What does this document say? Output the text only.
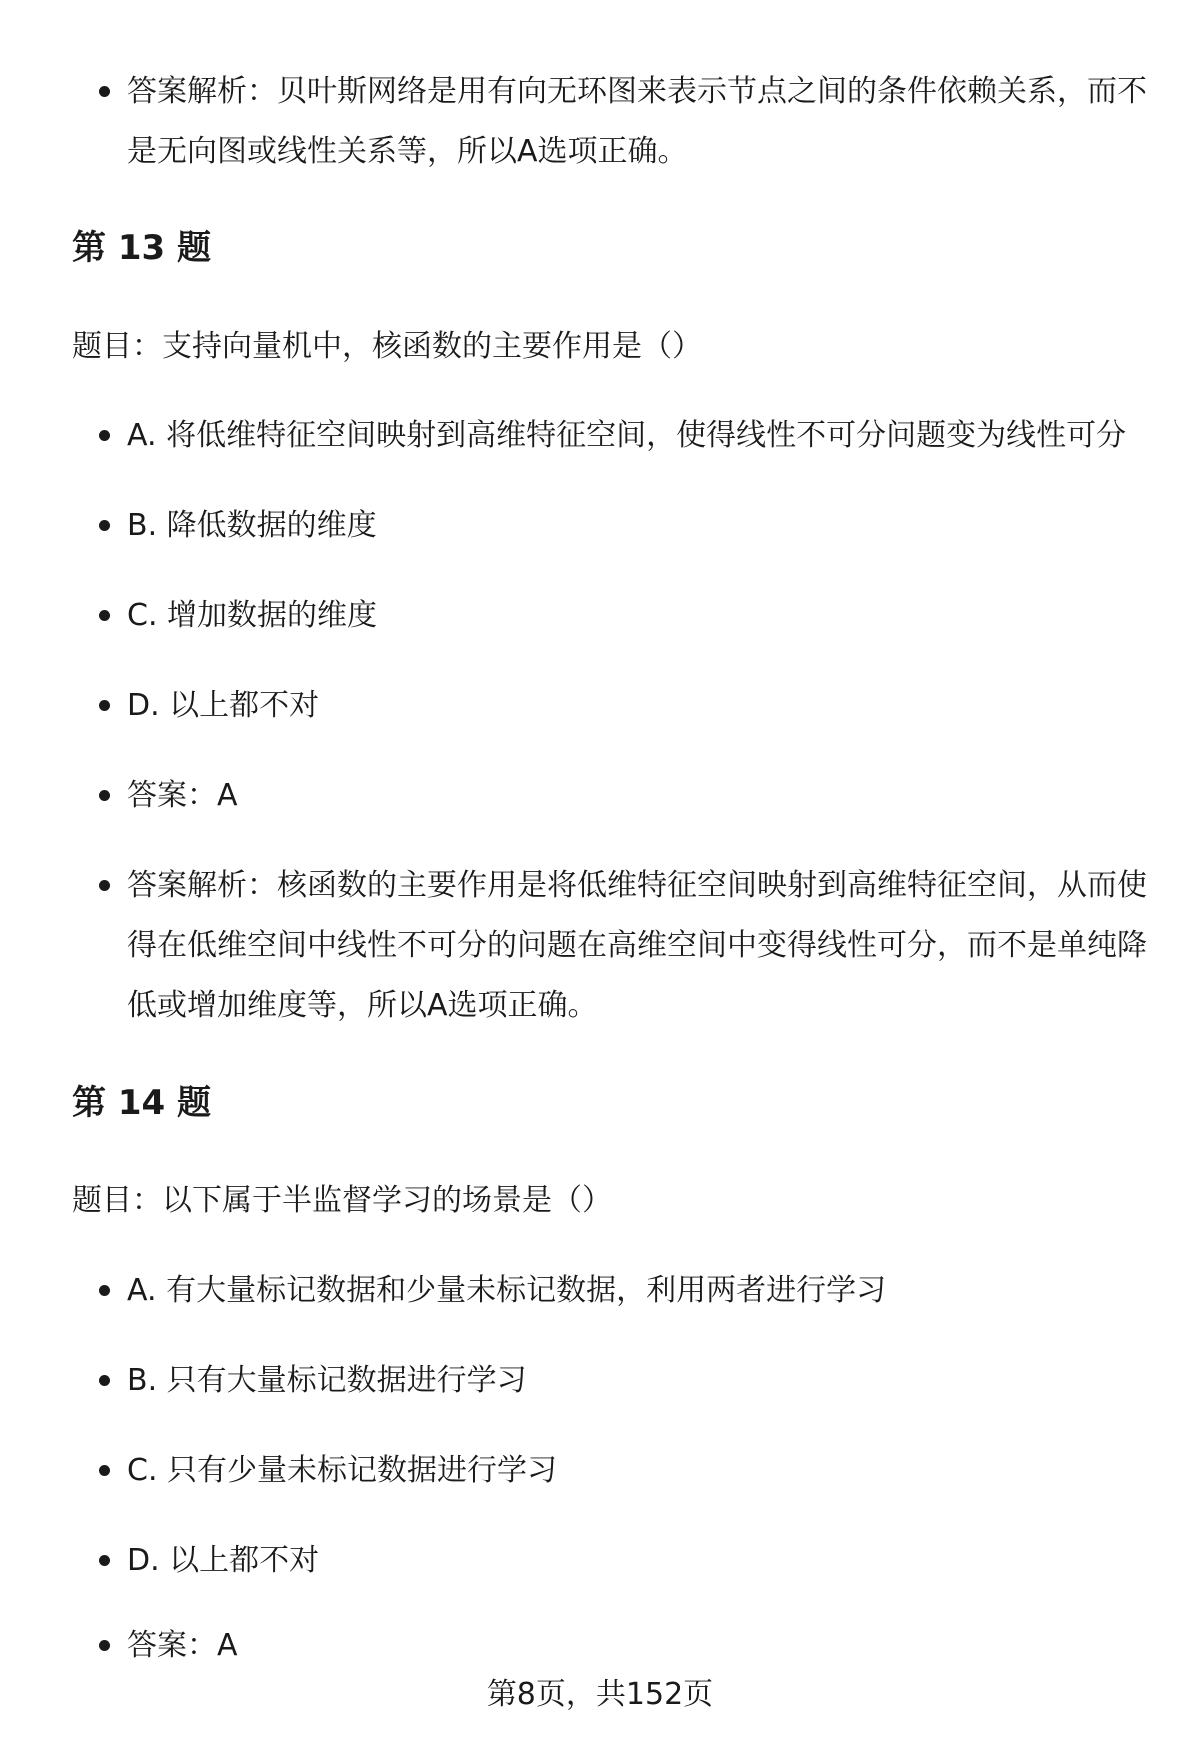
答案解析：贝叶斯网络是用有向无环图来表示节点之间的条件依赖关系，而不是无向图或线性关系等，所以A选项正确。

第 13 题

题目：支持向量机中，核函数的主要作用是（）

A. 将低维特征空间映射到高维特征空间，使得线性不可分问题变为线性可分

B. 降低数据的维度

C. 增加数据的维度

D. 以上都不对

答案：A

答案解析：核函数的主要作用是将低维特征空间映射到高维特征空间，从而使得在低维空间中线性不可分的问题在高维空间中变得线性可分，而不是单纯降低或增加维度等，所以A选项正确。

第 14 题

题目：以下属于半监督学习的场景是（）

A. 有大量标记数据和少量未标记数据，利用两者进行学习

B. 只有大量标记数据进行学习

C. 只有少量未标记数据进行学习

D. 以上都不对

答案：A

第8页，共152页
